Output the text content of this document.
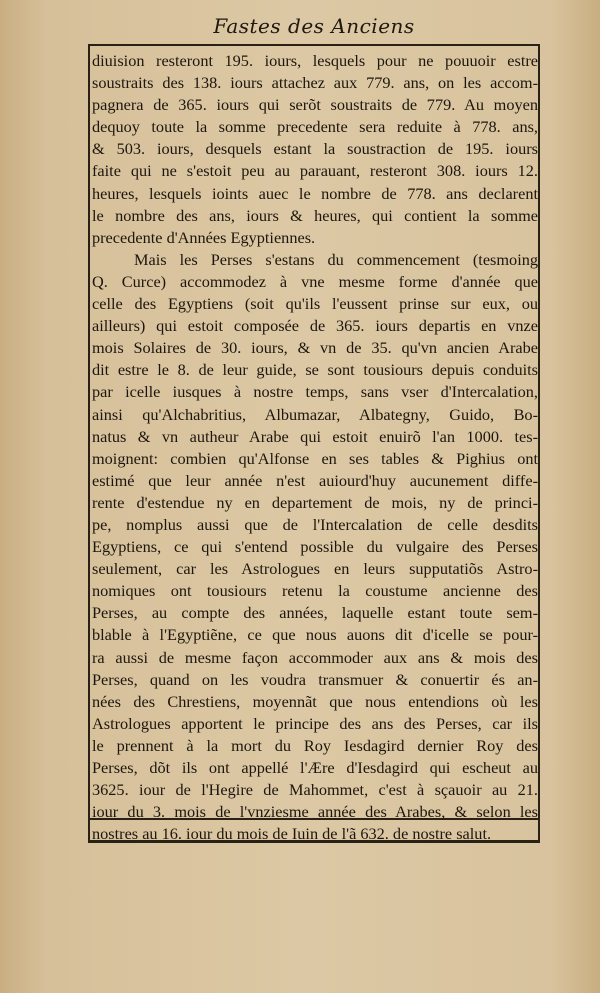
Fastes des Anciens
diuision resteront 195. iours, lesquels pour ne pouuoir estre
soustraits des 138. iours attachez aux 779. ans, on les accom-
pagnera de 365. iours qui serõt soustraits de 779. Au moyen
dequoy toute la somme precedente sera reduite à 778. ans,
& 503. iours, desquels estant la soustraction de 195. iours
faite qui ne s'estoit peu au parauant, resteront 308. iours 12.
heures, lesquels ioints auec le nombre de 778. ans declarent
le nombre des ans, iours & heures, qui contient la somme
precedente d'Années Egyptiennes.
Mais les Perses s'estans du commencement (tesmoing
Q. Curce) accommodez à vne mesme forme d'année que
celle des Egyptiens (soit qu'ils l'eussent prinse sur eux, ou
ailleurs) qui estoit composée de 365. iours departis en vnze
mois Solaires de 30. iours, & vn de 35. qu'vn ancien Arabe
dit estre le 8. de leur guide, se sont tousiours depuis conduits
par icelle iusques à nostre temps, sans vser d'Intercalation,
ainsi qu'Alchabritius, Albumazar, Albategny, Guido, Bo-
natus & vn autheur Arabe qui estoit enuirõ l'an 1000. tes-
moignent: combien qu'Alfonse en ses tables & Pighius ont
estimé que leur année n'est auiourd'huy aucunement diffe-
rente d'estendue ny en departement de mois, ny de princi-
pe, nomplus aussi que de l'Intercalation de celle desdits
Egyptiens, ce qui s'entend possible du vulgaire des Perses
seulement, car les Astrologues en leurs supputatiõs Astro-
nomiques ont tousiours retenu la coustume ancienne des
Perses, au compte des années, laquelle estant toute sem-
blable à l'Egyptiẽne, ce que nous auons dit d'icelle se pour-
ra aussi de mesme façon accommoder aux ans & mois des
Perses, quand on les voudra transmuer & conuertir és an-
nées des Chrestiens, moyennãt que nous entendions où les
Astrologues apportent le principe des ans des Perses, car ils
le prennent à la mort du Roy Iesdagird dernier Roy des
Perses, dõt ils ont appellé l'Ære d'Iesdagird qui escheut au
3625. iour de l'Hegire de Mahommet, c'est à sçauoir au 21.
iour du 3. mois de l'vnziesme année des Arabes, & selon les
nostres au 16. iour du mois de Iuin de l'ã 632. de nostre salut.
